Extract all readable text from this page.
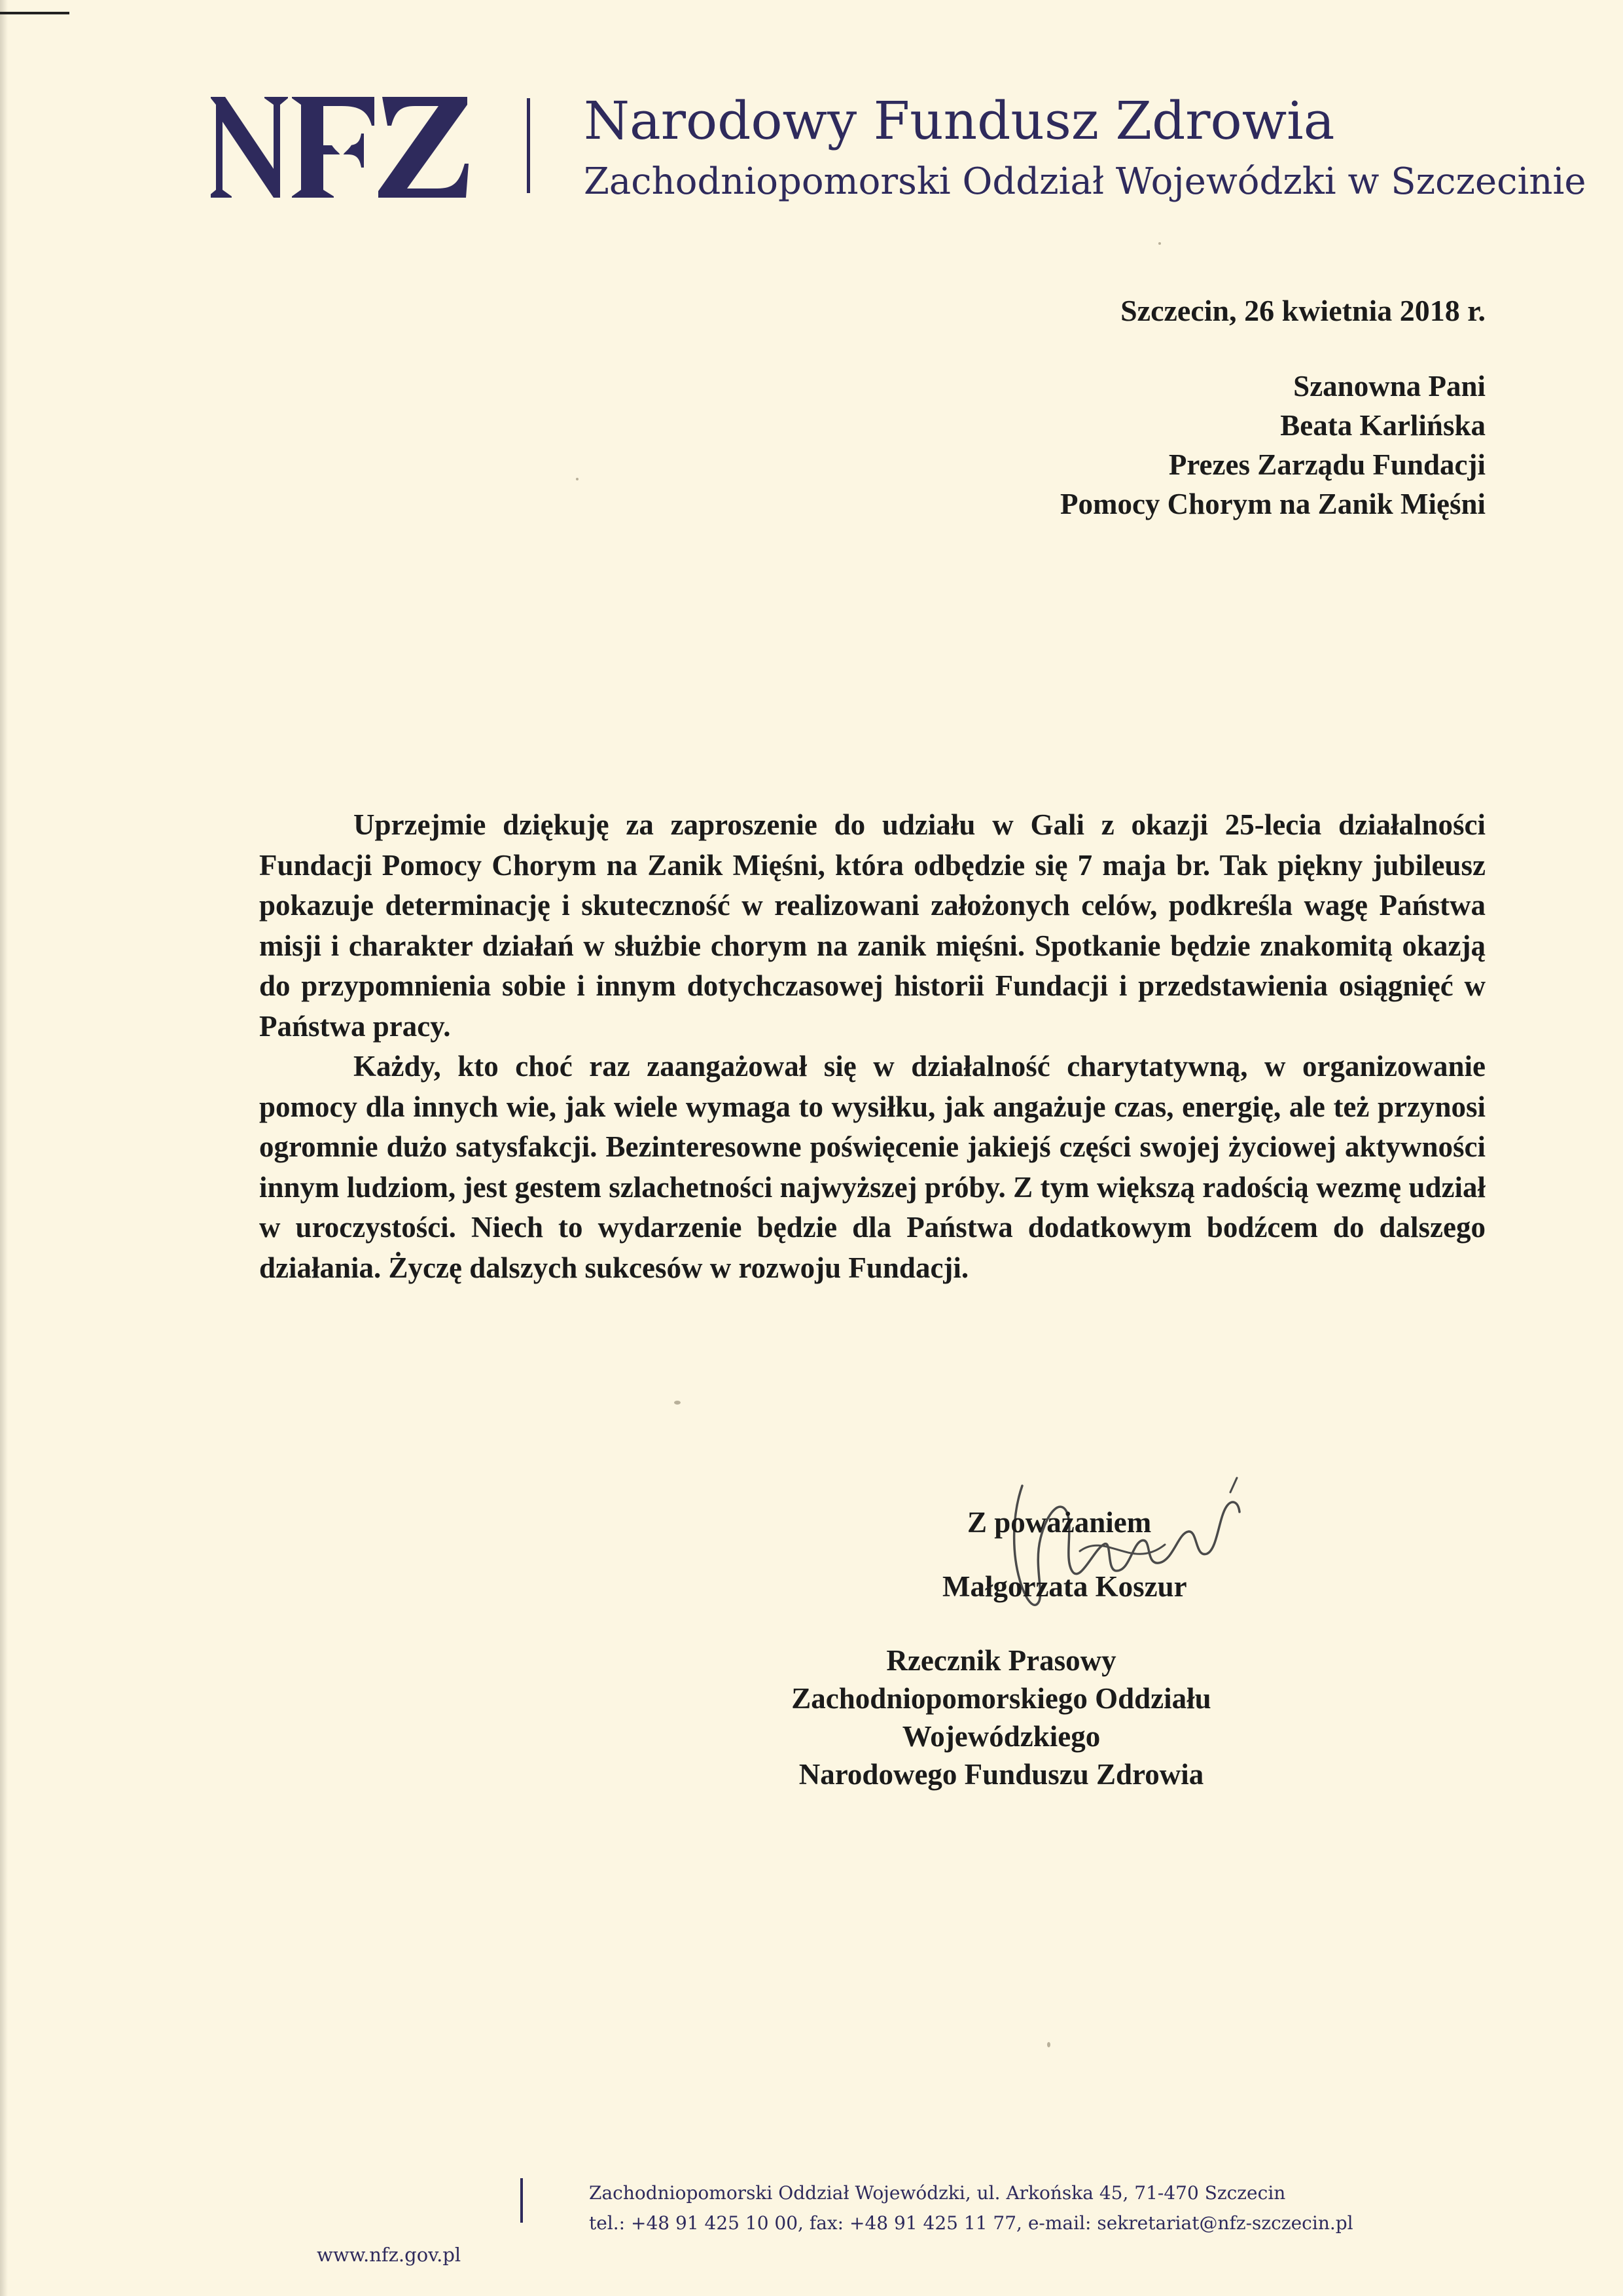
Narodowy Fundusz Zdrowia
Zachodniopomorski Oddział Wojewódzki w Szczecinie
Szczecin, 26 kwietnia 2018 r.
Szanowna Pani
Beata Karlińska
Prezes Zarządu Fundacji
Pomocy Chorym na Zanik Mięśni

Uprzejmie dziękuję za zaproszenie do udziału w Gali z okazji 25-lecia działalności Fundacji Pomocy Chorym na Zanik Mięśni, która odbędzie się 7 maja br. Tak piękny jubileusz pokazuje determinację i skuteczność w realizowani założonych celów, podkreśla wagę Państwa misji i charakter działań w służbie chorym na zanik mięśni. Spotkanie będzie znakomitą okazją do przypomnienia sobie i innym dotychczasowej historii Fundacji i przedstawienia osiągnięć w Państwa pracy.

Każdy, kto choć raz zaangażował się w działalność charytatywną, w organizowanie pomocy dla innych wie, jak wiele wymaga to wysiłku, jak angażuje czas, energię, ale też przynosi ogromnie dużo satysfakcji. Bezinteresowne poświęcenie jakiejś części swojej życiowej aktywności innym ludziom, jest gestem szlachetności najwyższej próby. Z tym większą radością wezmę udział w uroczystości. Niech to wydarzenie będzie dla Państwa dodatkowym bodźcem do dalszego działania. Życzę dalszych sukcesów w rozwoju Fundacji.

Z poważaniem
Małgorzata Koszur
Rzecznik Prasowy
Zachodniopomorskiego Oddziału Wojewódzkiego
Narodowego Funduszu Zdrowia
www.nfz.gov.pl
Zachodniopomorski Oddział Wojewódzki, ul. Arkońska 45, 71-470 Szczecin
tel.: +48 91 425 10 00, fax: +48 91 425 11 77, e-mail: sekretariat@nfz-szczecin.pl
